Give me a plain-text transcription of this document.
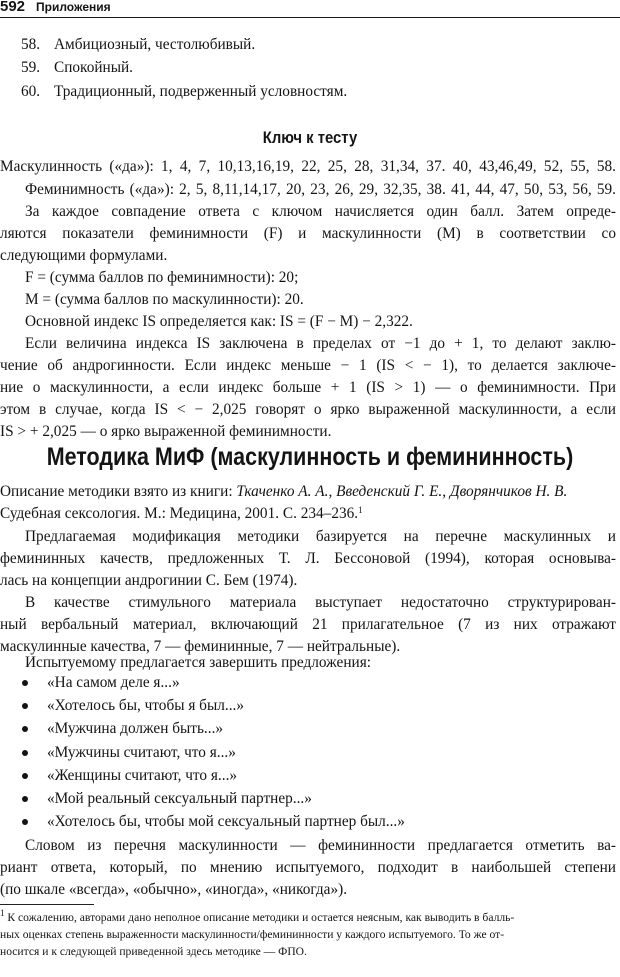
592 Приложения
58. Амбициозный, честолюбивый.
59. Спокойный.
60. Традиционный, подверженный условностям.
Ключ к тесту
Маскулинность («да»): 1, 4, 7, 10,13,16,19, 22, 25, 28, 31,34, 37. 40, 43,46,49, 52, 55, 58.
Феминимность («да»): 2, 5, 8,11,14,17, 20, 23, 26, 29, 32,35, 38. 41, 44, 47, 50, 53, 56, 59.
За каждое совпадение ответа с ключом начисляется один балл. Затем опреде-
ляются показатели феминимности (F) и маскулинности (M) в соответствии со
следующими формулами.
F = (сумма баллов по феминимности): 20;
M = (сумма баллов по маскулинности): 20.
Основной индекс IS определяется как: IS = (F − M) − 2,322.
Если величина индекса IS заключена в пределах от −1 до + 1, то делают заклю-
чение об андрогинности. Если индекс меньше − 1 (IS < − 1), то делается заключе-
ние о маскулинности, а если индекс больше + 1 (IS > 1) — о феминимности. При
этом в случае, когда IS < − 2,025 говорят о ярко выраженной маскулинности, а если
IS > + 2,025 — о ярко выраженной феминимности.
Методика МиФ (маскулинность и фемининность)
Описание методики взято из книги: Ткаченко А. А., Введенский Г. Е., Дворянчиков Н. В.
Судебная сексология. М.: Медицина, 2001. С. 234–236.$^1$
Предлагаемая модификация методики базируется на перечне маскулинных и
фемининных качеств, предложенных Т. Л. Бессоновой (1994), которая основыва-
лась на концепции андрогинии С. Бем (1974).
В качестве стимульного материала выступает недостаточно структурирован-
ный вербальный материал, включающий 21 прилагательное (7 из них отражают
маскулинные качества, 7 — фемининные, 7 — нейтральные).
Испытуемому предлагается завершить предложения:
«На самом деле я...»
«Хотелось бы, чтобы я был...»
«Мужчина должен быть...»
«Мужчины считают, что я...»
«Женщины считают, что я...»
«Мой реальный сексуальный партнер...»
«Хотелось бы, чтобы мой сексуальный партнер был...»
Словом из перечня маскулинности — фемининности предлагается отметить ва-
риант ответа, который, по мнению испытуемого, подходит в наибольшей степени
(по шкале «всегда», «обычно», «иногда», «никогда»).
$^1$ К сожалению, авторами дано неполное описание методики и остается неясным, как выводить в балль-
ных оценках степень выраженности маскулинности/фемининности у каждого испытуемого. То же от-
носится и к следующей приведенной здесь методике — ФПО.
